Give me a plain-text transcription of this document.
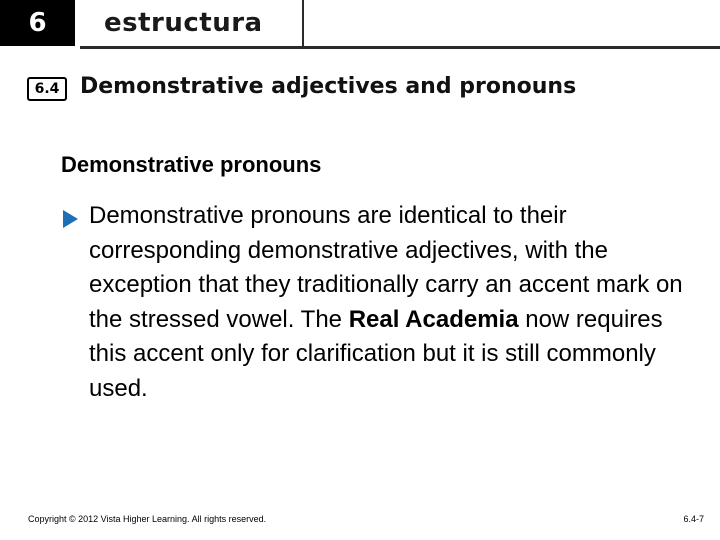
6	estructura
6.4 Demonstrative adjectives and pronouns
Demonstrative pronouns
Demonstrative pronouns are identical to their corresponding demonstrative adjectives, with the exception that they traditionally carry an accent mark on the stressed vowel. The Real Academia now requires this accent only for clarification but it is still commonly used.
Copyright © 2012 Vista Higher Learning. All rights reserved.	6.4-7
